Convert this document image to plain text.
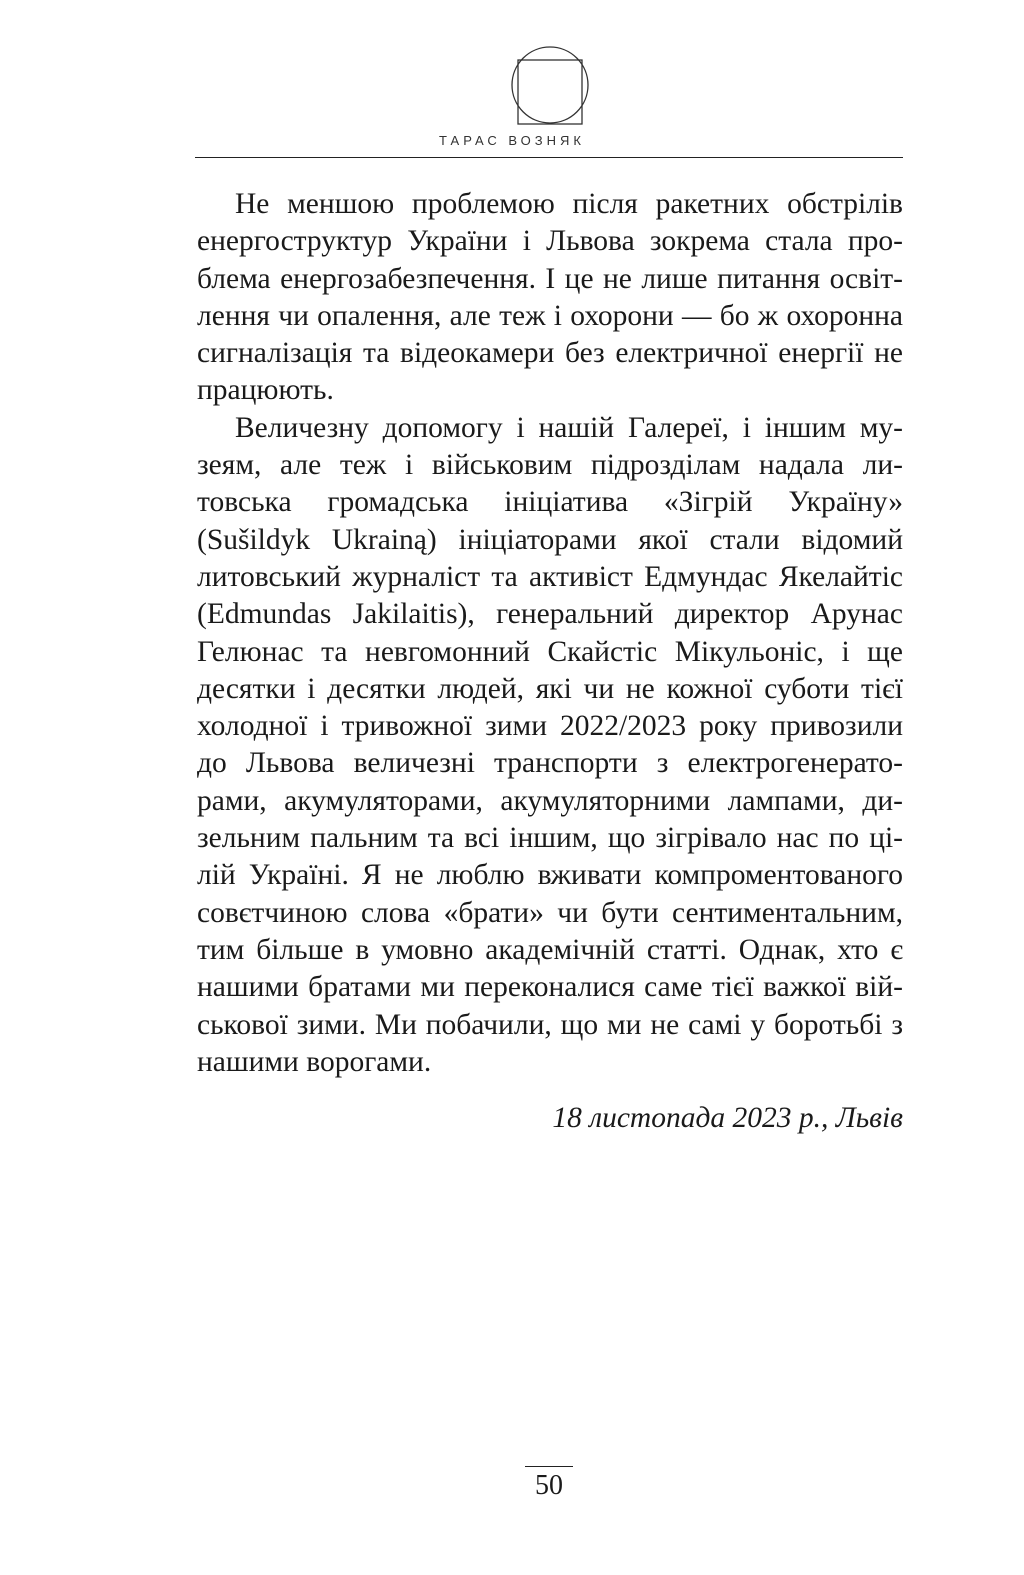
ТАРАС ВОЗНЯК
Не меншою проблемою після ракетних обстрілів
енергоструктур України і Львова зокрема стала про-
блема енергозабезпечення. І це не лише питання освіт-
лення чи опалення, але теж і охорони — бо ж охоронна
сигналізація та відеокамери без електричної енергії не
працюють.
Величезну допомогу і нашій Галереї, і іншим му-
зеям, але теж і військовим підрозділам надала ли-
товська громадська ініціатива «Зігрій Україну»
(Sušildyk Ukrainą) ініціаторами якої стали відомий
литовський журналіст та активіст Едмундас Якелайтіс
(Edmundas Jakilaitis), генеральний директор Арунас
Гелюнас та невгомонний Скайстіс Мікульоніс, і ще
десятки і десятки людей, які чи не кожної суботи тієї
холодної і тривожної зими 2022/2023 року привозили
до Львова величезні транспорти з електрогенерато-
рами, акумуляторами, акумуляторними лампами, ди-
зельним пальним та всі іншим, що зігрівало нас по ці-
лій Україні. Я не люблю вживати компроментованого
совєтчиною слова «брати» чи бути сентиментальним,
тим більше в умовно академічній статті. Однак, хто є
нашими братами ми переконалися саме тієї важкої вій-
ськової зими. Ми побачили, що ми не самі у боротьбі з
нашими ворогами.
18 листопада 2023 р., Львів
50
